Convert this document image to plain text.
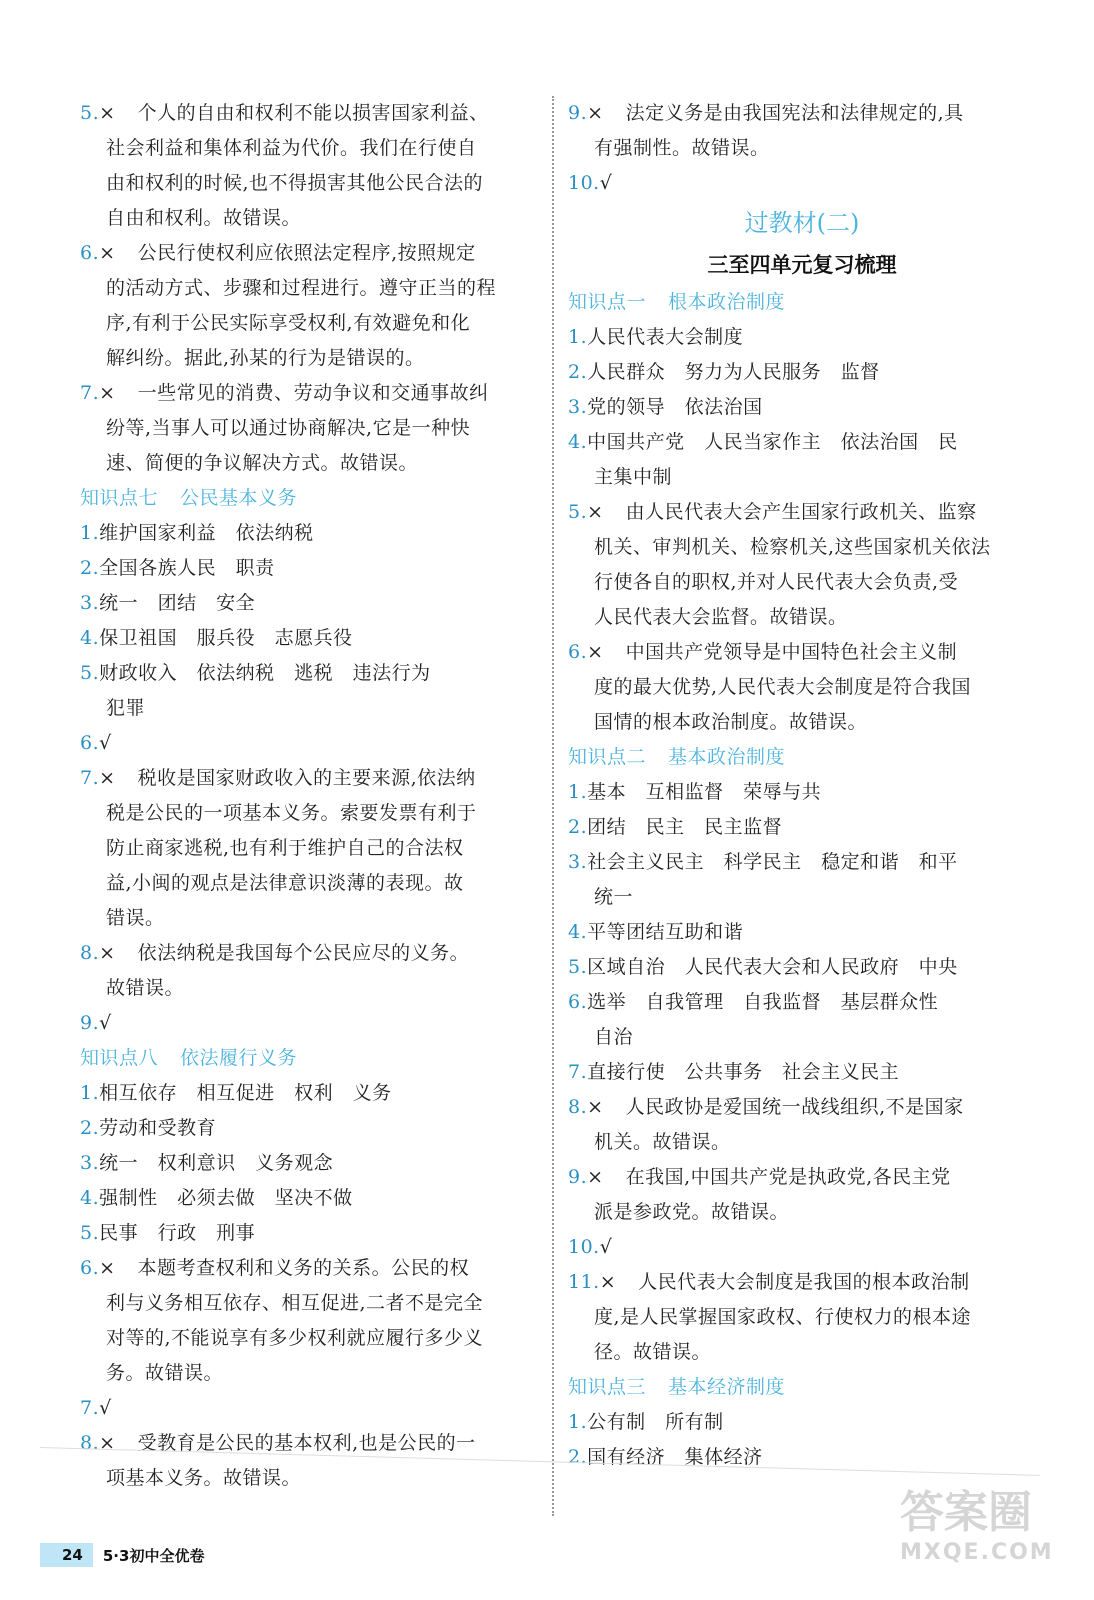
5.× 个人的自由和权利不能以损害国家利益、
社会利益和集体利益为代价。我们在行使自
由和权利的时候,也不得损害其他公民合法的
自由和权利。故错误。
6.× 公民行使权利应依照法定程序,按照规定
的活动方式、步骤和过程进行。遵守正当的程
序,有利于公民实际享受权利,有效避免和化
解纠纷。据此,孙某的行为是错误的。
7.× 一些常见的消费、劳动争议和交通事故纠
纷等,当事人可以通过协商解决,它是一种快
速、简便的争议解决方式。故错误。
知识点七 公民基本义务
1.维护国家利益　依法纳税
2.全国各族人民　职责
3.统一　团结　安全
4.保卫祖国　服兵役　志愿兵役
5.财政收入　依法纳税　逃税　违法行为
犯罪
6.√
7.× 税收是国家财政收入的主要来源,依法纳
税是公民的一项基本义务。索要发票有利于
防止商家逃税,也有利于维护自己的合法权
益,小闽的观点是法律意识淡薄的表现。故
错误。
8.× 依法纳税是我国每个公民应尽的义务。
故错误。
9.√
知识点八 依法履行义务
1.相互依存　相互促进　权利　义务
2.劳动和受教育
3.统一　权利意识　义务观念
4.强制性　必须去做　坚决不做
5.民事　行政　刑事
6.× 本题考查权利和义务的关系。公民的权
利与义务相互依存、相互促进,二者不是完全
对等的,不能说享有多少权利就应履行多少义
务。故错误。
7.√
8.× 受教育是公民的基本权利,也是公民的一
项基本义务。故错误。
9.× 法定义务是由我国宪法和法律规定的,具
有强制性。故错误。
10.√
过教材(二)
三至四单元复习梳理
知识点一 根本政治制度
1.人民代表大会制度
2.人民群众　努力为人民服务　监督
3.党的领导　依法治国
4.中国共产党　人民当家作主　依法治国　民
主集中制
5.× 由人民代表大会产生国家行政机关、监察
机关、审判机关、检察机关,这些国家机关依法
行使各自的职权,并对人民代表大会负责,受
人民代表大会监督。故错误。
6.× 中国共产党领导是中国特色社会主义制
度的最大优势,人民代表大会制度是符合我国
国情的根本政治制度。故错误。
知识点二 基本政治制度
1.基本　互相监督　荣辱与共
2.团结　民主　民主监督
3.社会主义民主　科学民主　稳定和谐　和平
统一
4.平等团结互助和谐
5.区域自治　人民代表大会和人民政府　中央
6.选举　自我管理　自我监督　基层群众性
自治
7.直接行使　公共事务　社会主义民主
8.× 人民政协是爱国统一战线组织,不是国家
机关。故错误。
9.× 在我国,中国共产党是执政党,各民主党
派是参政党。故错误。
10.√
11.× 人民代表大会制度是我国的根本政治制
度,是人民掌握国家政权、行使权力的根本途
径。故错误。
知识点三 基本经济制度
1.公有制　所有制
2.国有经济　集体经济
24	5·3初中全优卷
答案圈
MXQE.COM
